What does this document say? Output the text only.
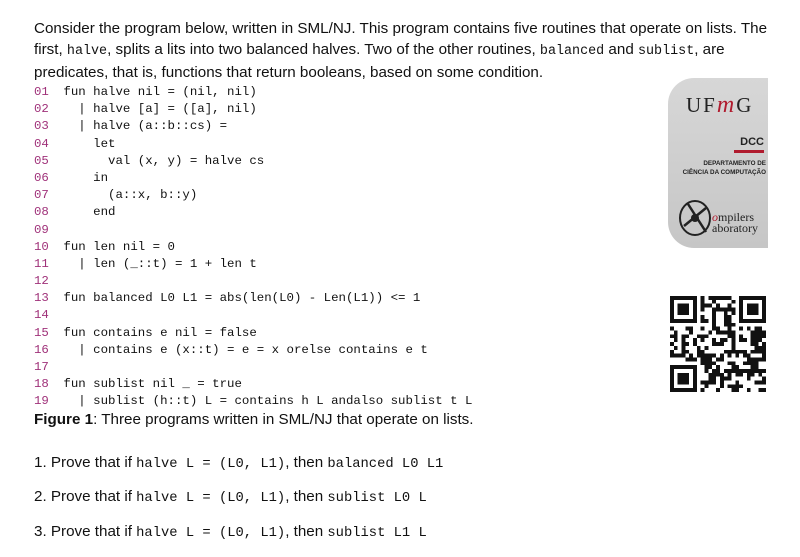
Consider the program below, written in SML/NJ. This program contains five routines that operate on lists. The first, halve, splits a lits into two balanced halves. Two of the other routines, balanced and sublist, are predicates, that is, functions that return booleans, based on some condition.
01 fun halve nil = (nil, nil)
02   | halve [a] = ([a], nil)
03   | halve (a::b::cs) =
04     let
05       val (x, y) = halve cs
06     in
07       (a::x, b::y)
08     end
09
10 fun len nil = 0
11   | len (_::t) = 1 + len t
12
13 fun balanced L0 L1 = abs(len(L0) - Len(L1)) <= 1
14
15 fun contains e nil = false
16   | contains e (x::t) = e = x orelse contains e t
17
18 fun sublist nil _ = true
19   | sublist (h::t) L = contains h L andalso sublist t L
Figure 1: Three programs written in SML/NJ that operate on lists.
1. Prove that if halve L = (L0, L1), then balanced L0 L1
2. Prove that if halve L = (L0, L1), then sublist L0 L
3. Prove that if halve L = (L0, L1), then sublist L1 L
UFmG
DCC
DEPARTAMENTO DE
CIÊNCIA DA COMPUTAÇÃO
ompilers
aboratory
